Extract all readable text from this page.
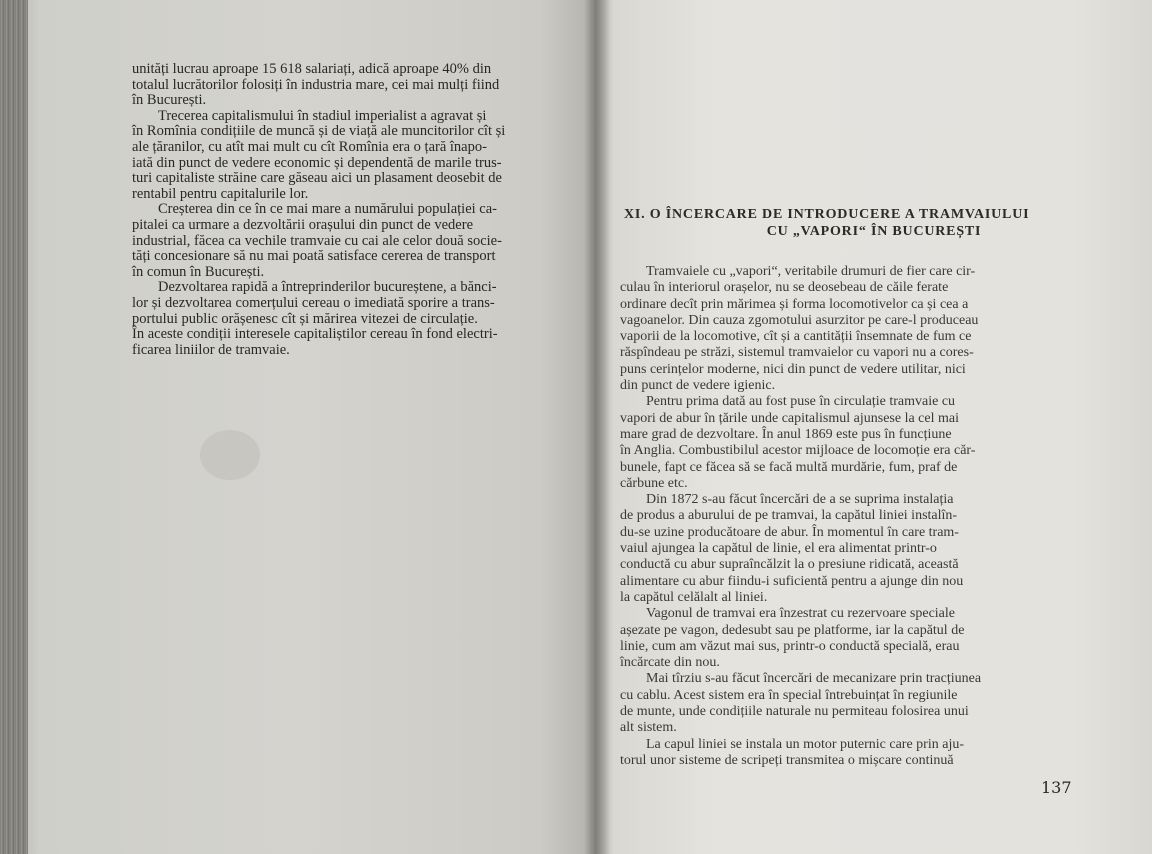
unități lucrau aproape 15 618 salariați, adică aproape 40% din
totalul lucrătorilor folosiți în industria mare, cei mai mulți fiind
în București.

Trecerea capitalismului în stadiul imperialist a agravat și
în Romînia condițiile de muncă și de viață ale muncitorilor cît și
ale țăranilor, cu atît mai mult cu cît Romînia era o țară înapo-
iată din punct de vedere economic și dependentă de marile trus-
turi capitaliste străine care găseau aici un plasament deosebit de
rentabil pentru capitalurile lor.

Creșterea din ce în ce mai mare a numărului populației ca-
pitalei ca urmare a dezvoltării orașului din punct de vedere
industrial, făcea ca vechile tramvaie cu cai ale celor două socie-
tăți concesionare să nu mai poată satisface cererea de transport
în comun în București.

Dezvoltarea rapidă a întreprinderilor bucureștene, a bănci-
lor și dezvoltarea comerțului cereau o imediată sporire a trans-
portului public orășenesc cît și mărirea vitezei de circulație.
În aceste condiții interesele capitaliștilor cereau în fond electri-
ficarea liniilor de tramvaie.

XI. O ÎNCERCARE DE INTRODUCERE A TRAMVAIULUI
CU „VAPORI“ ÎN BUCUREȘTI

Tramvaiele cu „vapori“, veritabile drumuri de fier care cir-
culau în interiorul orașelor, nu se deosebeau de căile ferate
ordinare decît prin mărimea și forma locomotivelor ca și cea a
vagoanelor. Din cauza zgomotului asurzitor pe care-l produceau
vaporii de la locomotive, cît și a cantității însemnate de fum ce
răspîndeau pe străzi, sistemul tramvaielor cu vapori nu a cores-
puns cerințelor moderne, nici din punct de vedere utilitar, nici
din punct de vedere igienic.

Pentru prima dată au fost puse în circulație tramvaie cu
vapori de abur în țările unde capitalismul ajunsese la cel mai
mare grad de dezvoltare. În anul 1869 este pus în funcțiune
în Anglia. Combustibilul acestor mijloace de locomoție era căr-
bunele, fapt ce făcea să se facă multă murdărie, fum, praf de
cărbune etc.

Din 1872 s-au făcut încercări de a se suprima instalația
de produs a aburului de pe tramvai, la capătul liniei instalîn-
du-se uzine producătoare de abur. În momentul în care tram-
vaiul ajungea la capătul de linie, el era alimentat printr-o
conductă cu abur supraîncălzit la o presiune ridicată, această
alimentare cu abur fiindu-i suficientă pentru a ajunge din nou
la capătul celălalt al liniei.

Vagonul de tramvai era înzestrat cu rezervoare speciale
așezate pe vagon, dedesubt sau pe platforme, iar la capătul de
linie, cum am văzut mai sus, printr-o conductă specială, erau
încărcate din nou.

Mai tîrziu s-au făcut încercări de mecanizare prin tracțiunea
cu cablu. Acest sistem era în special întrebuințat în regiunile
de munte, unde condițiile naturale nu permiteau folosirea unui
alt sistem.

La capul liniei se instala un motor puternic care prin aju-
torul unor sisteme de scripeți transmitea o mișcare continuă

137
